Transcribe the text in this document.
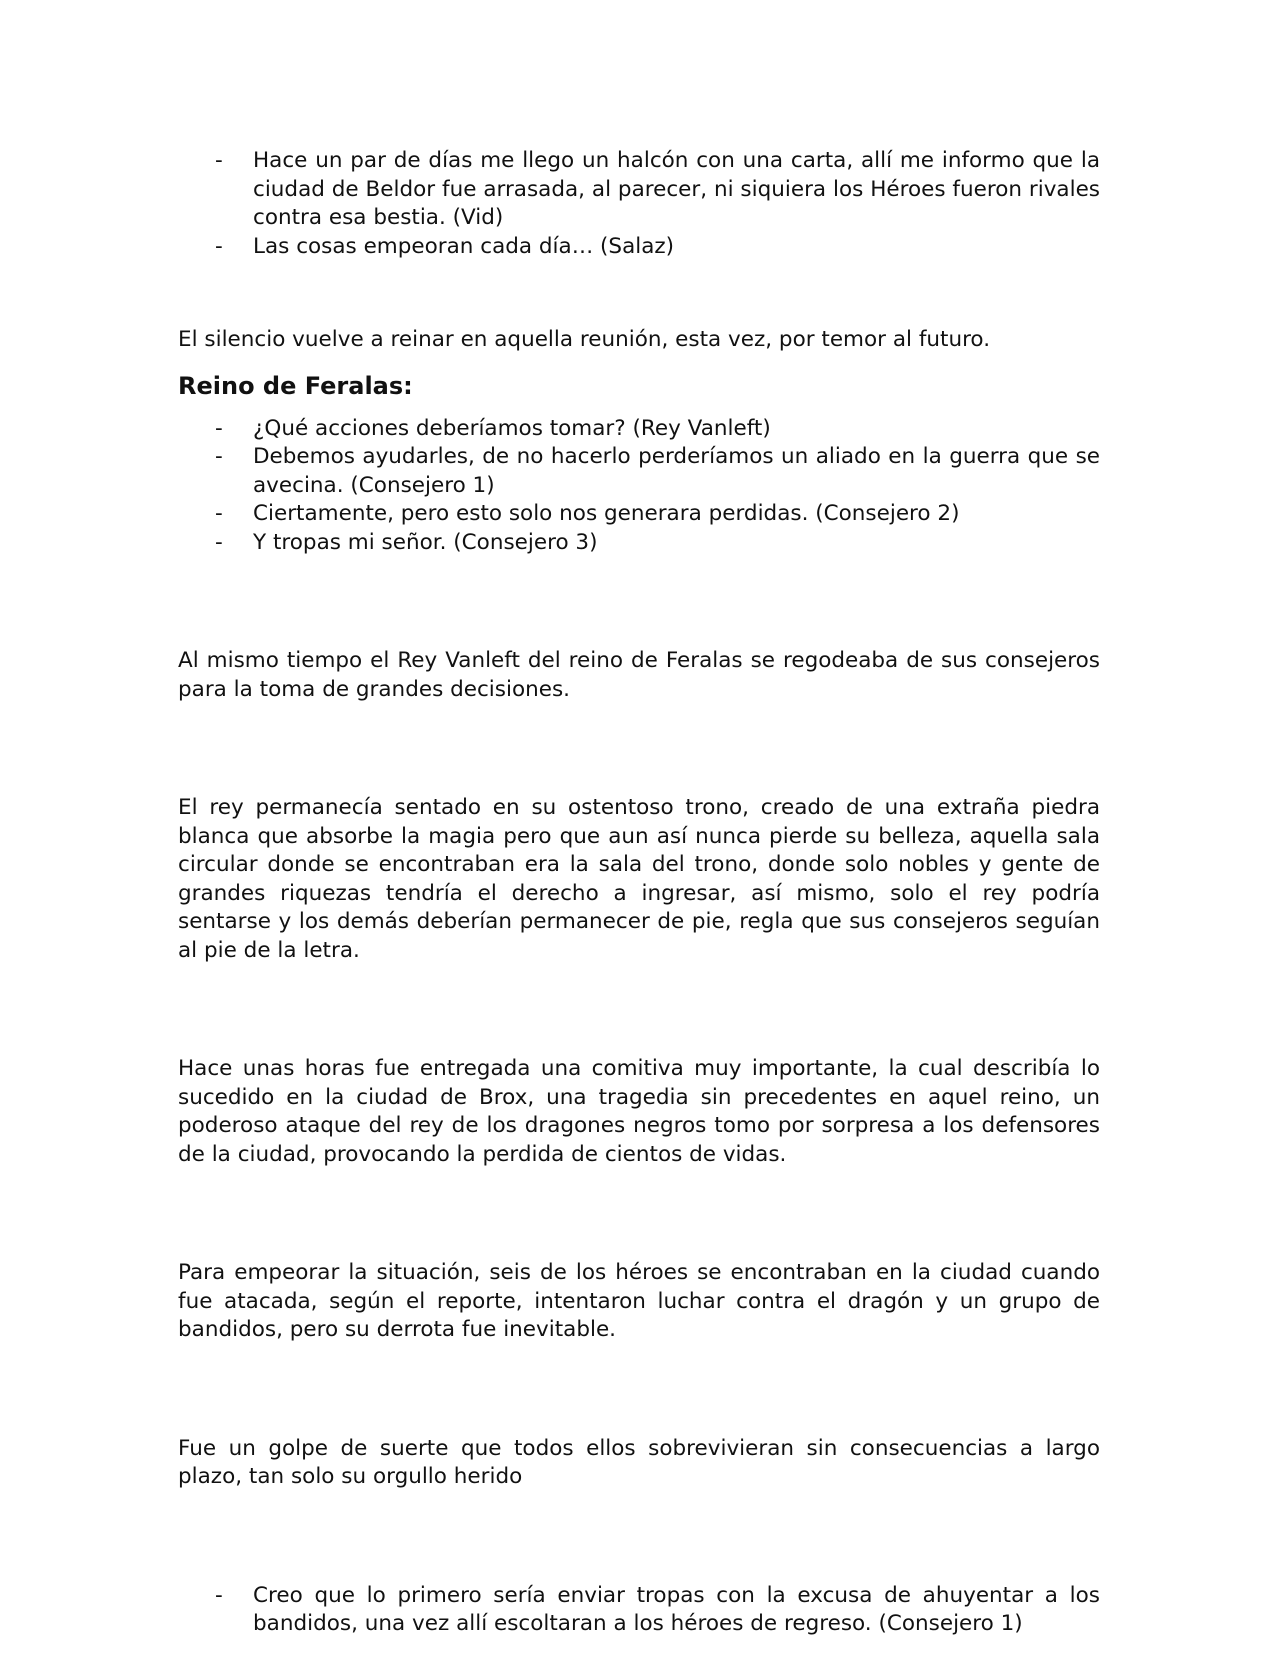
- Hace un par de días me llego un halcón con una carta, allí me informo que la ciudad de Beldor fue arrasada, al parecer, ni siquiera los Héroes fueron rivales contra esa bestia. (Vid)
- Las cosas empeoran cada día… (Salaz)

El silencio vuelve a reinar en aquella reunión, esta vez, por temor al futuro.

Reino de Feralas:
- ¿Qué acciones deberíamos tomar? (Rey Vanleft)
- Debemos ayudarles, de no hacerlo perderíamos un aliado en la guerra que se avecina. (Consejero 1)
- Ciertamente, pero esto solo nos generara perdidas. (Consejero 2)
- Y tropas mi señor. (Consejero 3)

Al mismo tiempo el Rey Vanleft del reino de Feralas se regodeaba de sus consejeros para la toma de grandes decisiones.

El rey permanecía sentado en su ostentoso trono, creado de una extraña piedra blanca que absorbe la magia pero que aun así nunca pierde su belleza, aquella sala circular donde se encontraban era la sala del trono, donde solo nobles y gente de grandes riquezas tendría el derecho a ingresar, así mismo, solo el rey podría sentarse y los demás deberían permanecer de pie, regla que sus consejeros seguían al pie de la letra.

Hace unas horas fue entregada una comitiva muy importante, la cual describía lo sucedido en la ciudad de Brox, una tragedia sin precedentes en aquel reino, un poderoso ataque del rey de los dragones negros tomo por sorpresa a los defensores de la ciudad, provocando la perdida de cientos de vidas.

Para empeorar la situación, seis de los héroes se encontraban en la ciudad cuando fue atacada, según el reporte, intentaron luchar contra el dragón y un grupo de bandidos, pero su derrota fue inevitable.

Fue un golpe de suerte que todos ellos sobrevivieran sin consecuencias a largo plazo, tan solo su orgullo herido

- Creo que lo primero sería enviar tropas con la excusa de ahuyentar a los bandidos, una vez allí escoltaran a los héroes de regreso. (Consejero 1)
